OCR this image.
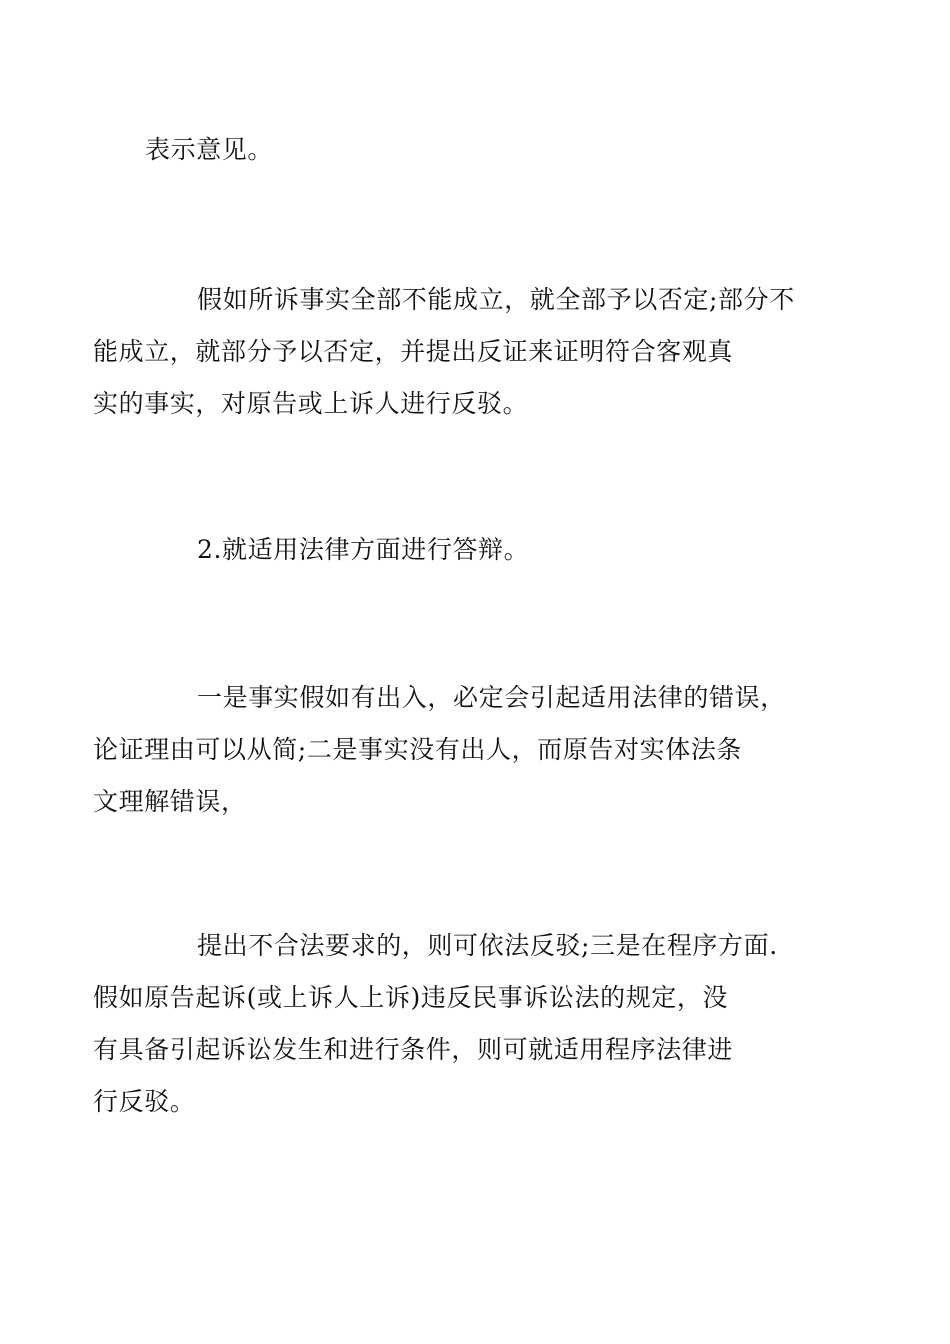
表示意见。
假如所诉事实全部不能成立，就全部予以否定;部分不
能成立，就部分予以否定，并提出反证来证明符合客观真
实的事实，对原告或上诉人进行反驳。
2.就适用法律方面进行答辩。
一是事实假如有出入，必定会引起适用法律的错误，
论证理由可以从简;二是事实没有出人，而原告对实体法条
文理解错误，
提出不合法要求的，则可依法反驳;三是在程序方面.
假如原告起诉(或上诉人上诉)违反民事诉讼法的规定，没
有具备引起诉讼发生和进行条件，则可就适用程序法律进
行反驳。
